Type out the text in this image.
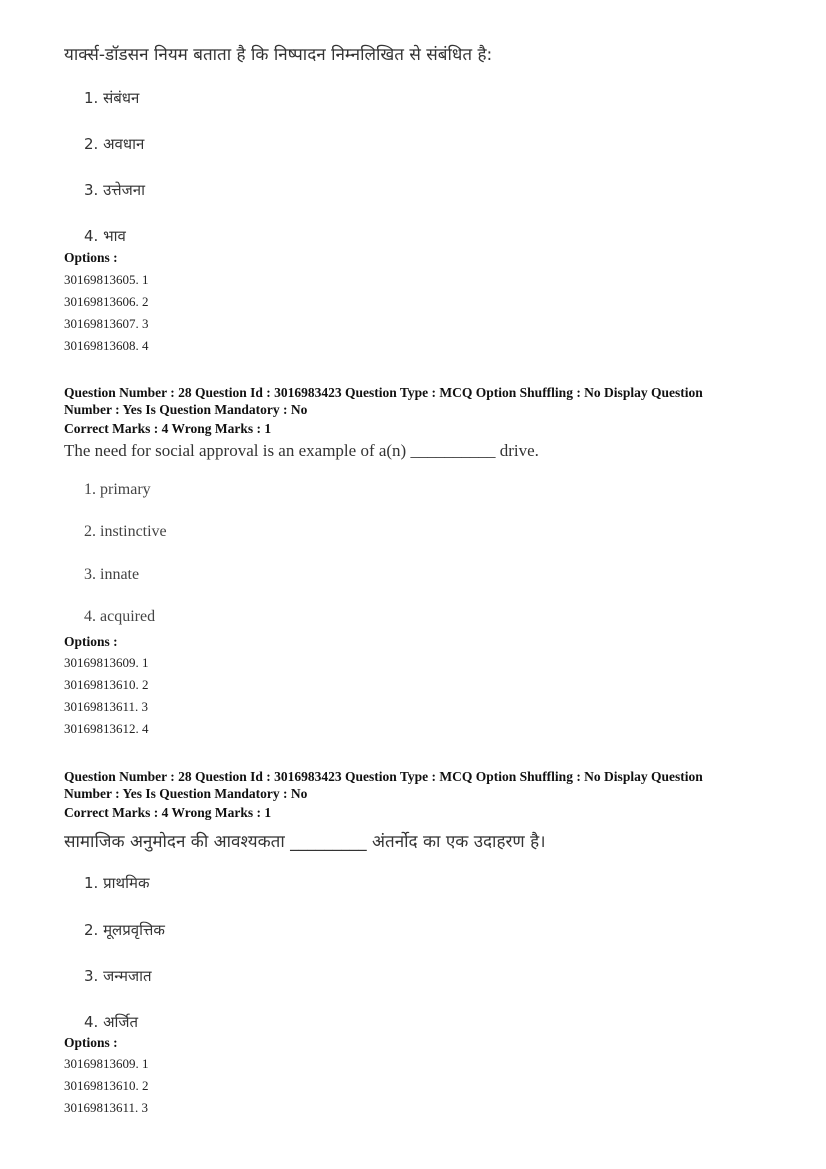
यार्क्स-डॉडसन नियम बताता है कि निष्पादन निम्नलिखित से संबंधित है:
1. संबंधन
2. अवधान
3. उत्तेजना
4. भाव
Options :
30169813605. 1
30169813606. 2
30169813607. 3
30169813608. 4
Question Number : 28 Question Id : 3016983423 Question Type : MCQ Option Shuffling : No Display Question
Number : Yes Is Question Mandatory : No
Correct Marks : 4 Wrong Marks : 1
The need for social approval is an example of a(n) __________ drive.
1. primary
2. instinctive
3. innate
4. acquired
Options :
30169813609. 1
30169813610. 2
30169813611. 3
30169813612. 4
Question Number : 28 Question Id : 3016983423 Question Type : MCQ Option Shuffling : No Display Question
Number : Yes Is Question Mandatory : No
Correct Marks : 4 Wrong Marks : 1
सामाजिक अनुमोदन की आवश्यकता _________ अंतर्नोद का एक उदाहरण है।
1. प्राथमिक
2. मूलप्रवृत्तिक
3. जन्मजात
4. अर्जित
Options :
30169813609. 1
30169813610. 2
30169813611. 3
